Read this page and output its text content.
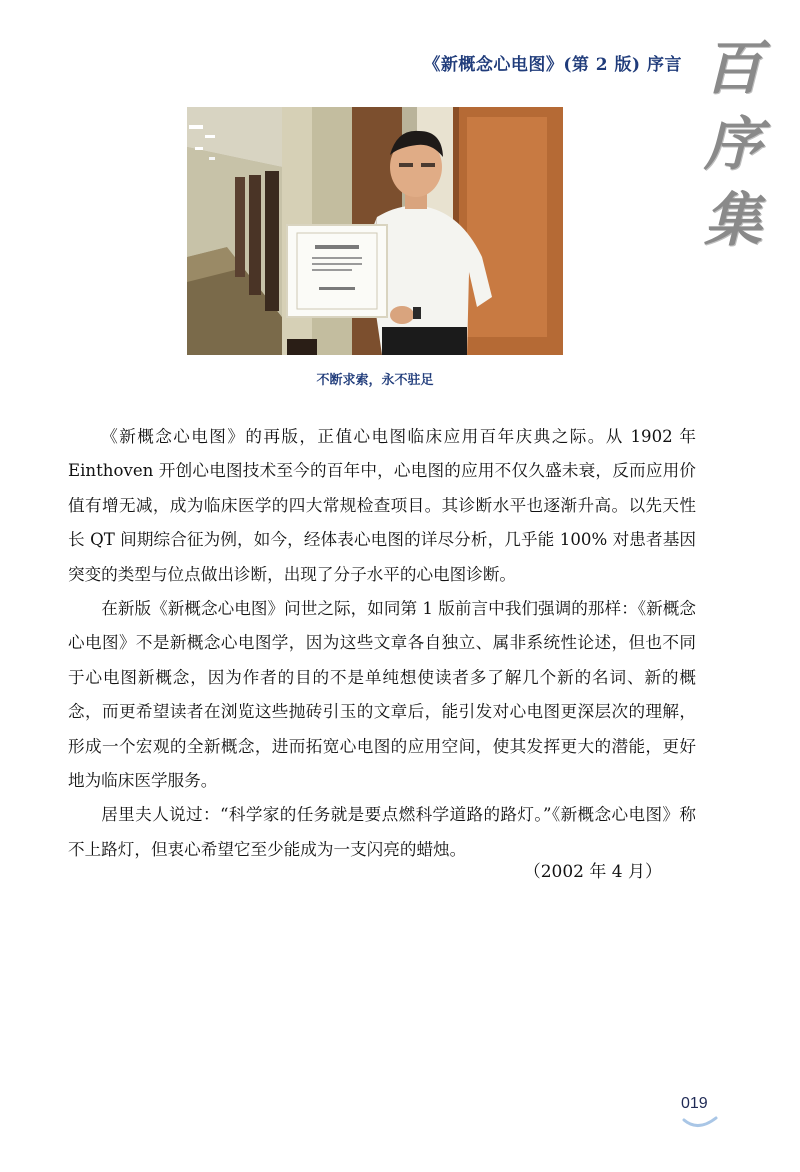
《新概念心电图》(第 2 版) 序言 百
序
集
不断求索，永不驻足

《新概念心电图》的再版，正值心电图临床应用百年庆典之际。从 1902 年 Einthoven 开创心电图技术至今的百年中，心电图的应用不仅久盛未衰，反而应用价值有增无减，成为临床医学的四大常规检查项目。其诊断水平也逐渐升高。以先天性长 QT 间期综合征为例，如今，经体表心电图的详尽分析，几乎能 100% 对患者基因突变的类型与位点做出诊断，出现了分子水平的心电图诊断。

在新版《新概念心电图》问世之际，如同第 1 版前言中我们强调的那样：《新概念心电图》不是新概念心电图学，因为这些文章各自独立、属非系统性论述，但也不同于心电图新概念，因为作者的目的不是单纯想使读者多了解几个新的名词、新的概念，而更希望读者在浏览这些抛砖引玉的文章后，能引发对心电图更深层次的理解，形成一个宏观的全新概念，进而拓宽心电图的应用空间，使其发挥更大的潜能，更好地为临床医学服务。

居里夫人说过：“科学家的任务就是要点燃科学道路的路灯。”《新概念心电图》称不上路灯，但衷心希望它至少能成为一支闪亮的蜡烛。

（2002 年 4 月）
019
